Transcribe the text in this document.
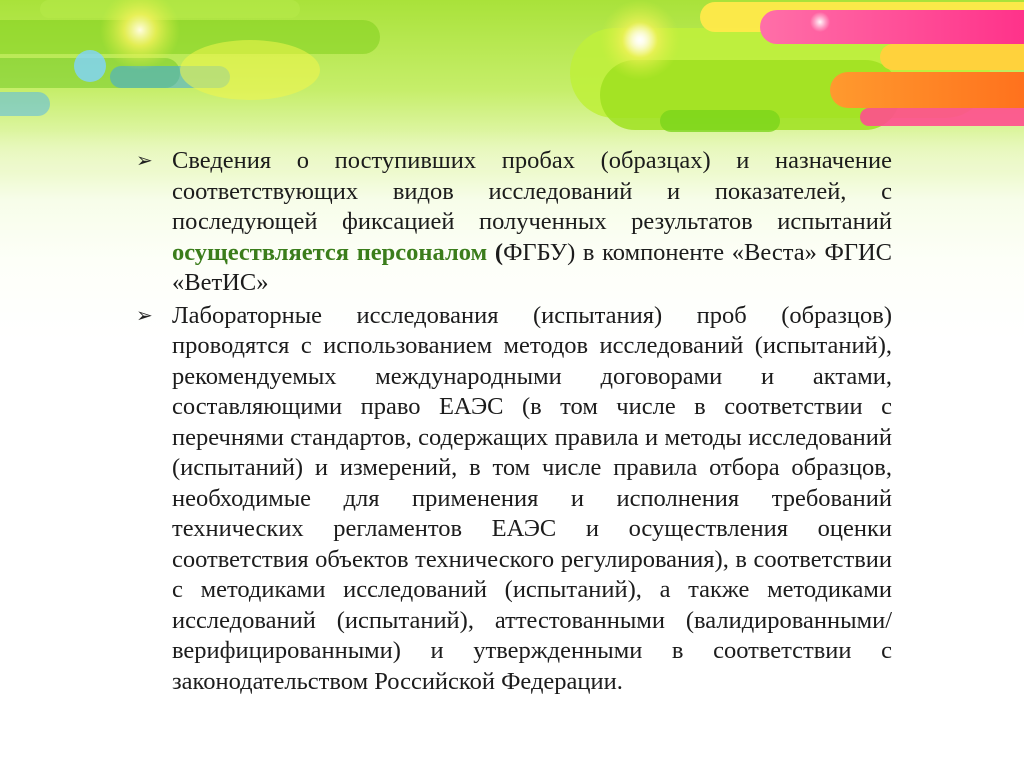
➢ Сведения о поступивших пробах (образцах) и назначение соответствующих видов исследований и показателей, с последующей фиксацией полученных результатов испытаний осуществляется персоналом (ФГБУ) в компоненте «Веста» ФГИС «ВетИС»
➢ Лабораторные исследования (испытания) проб (образцов) проводятся с использованием методов исследований (испытаний), рекомендуемых международными договорами и актами, составляющими право ЕАЭС (в том числе в соответствии с перечнями стандартов, содержащих правила и методы исследований (испытаний) и измерений, в том числе правила отбора образцов, необходимые для применения и исполнения требований технических регламентов ЕАЭС и осуществления оценки соответствия объектов технического регулирования), в соответствии с методиками исследований (испытаний), а также методиками исследований (испытаний), аттестованными (валидированными/верифицированными) и утвержденными в соответствии с законодательством Российской Федерации.
